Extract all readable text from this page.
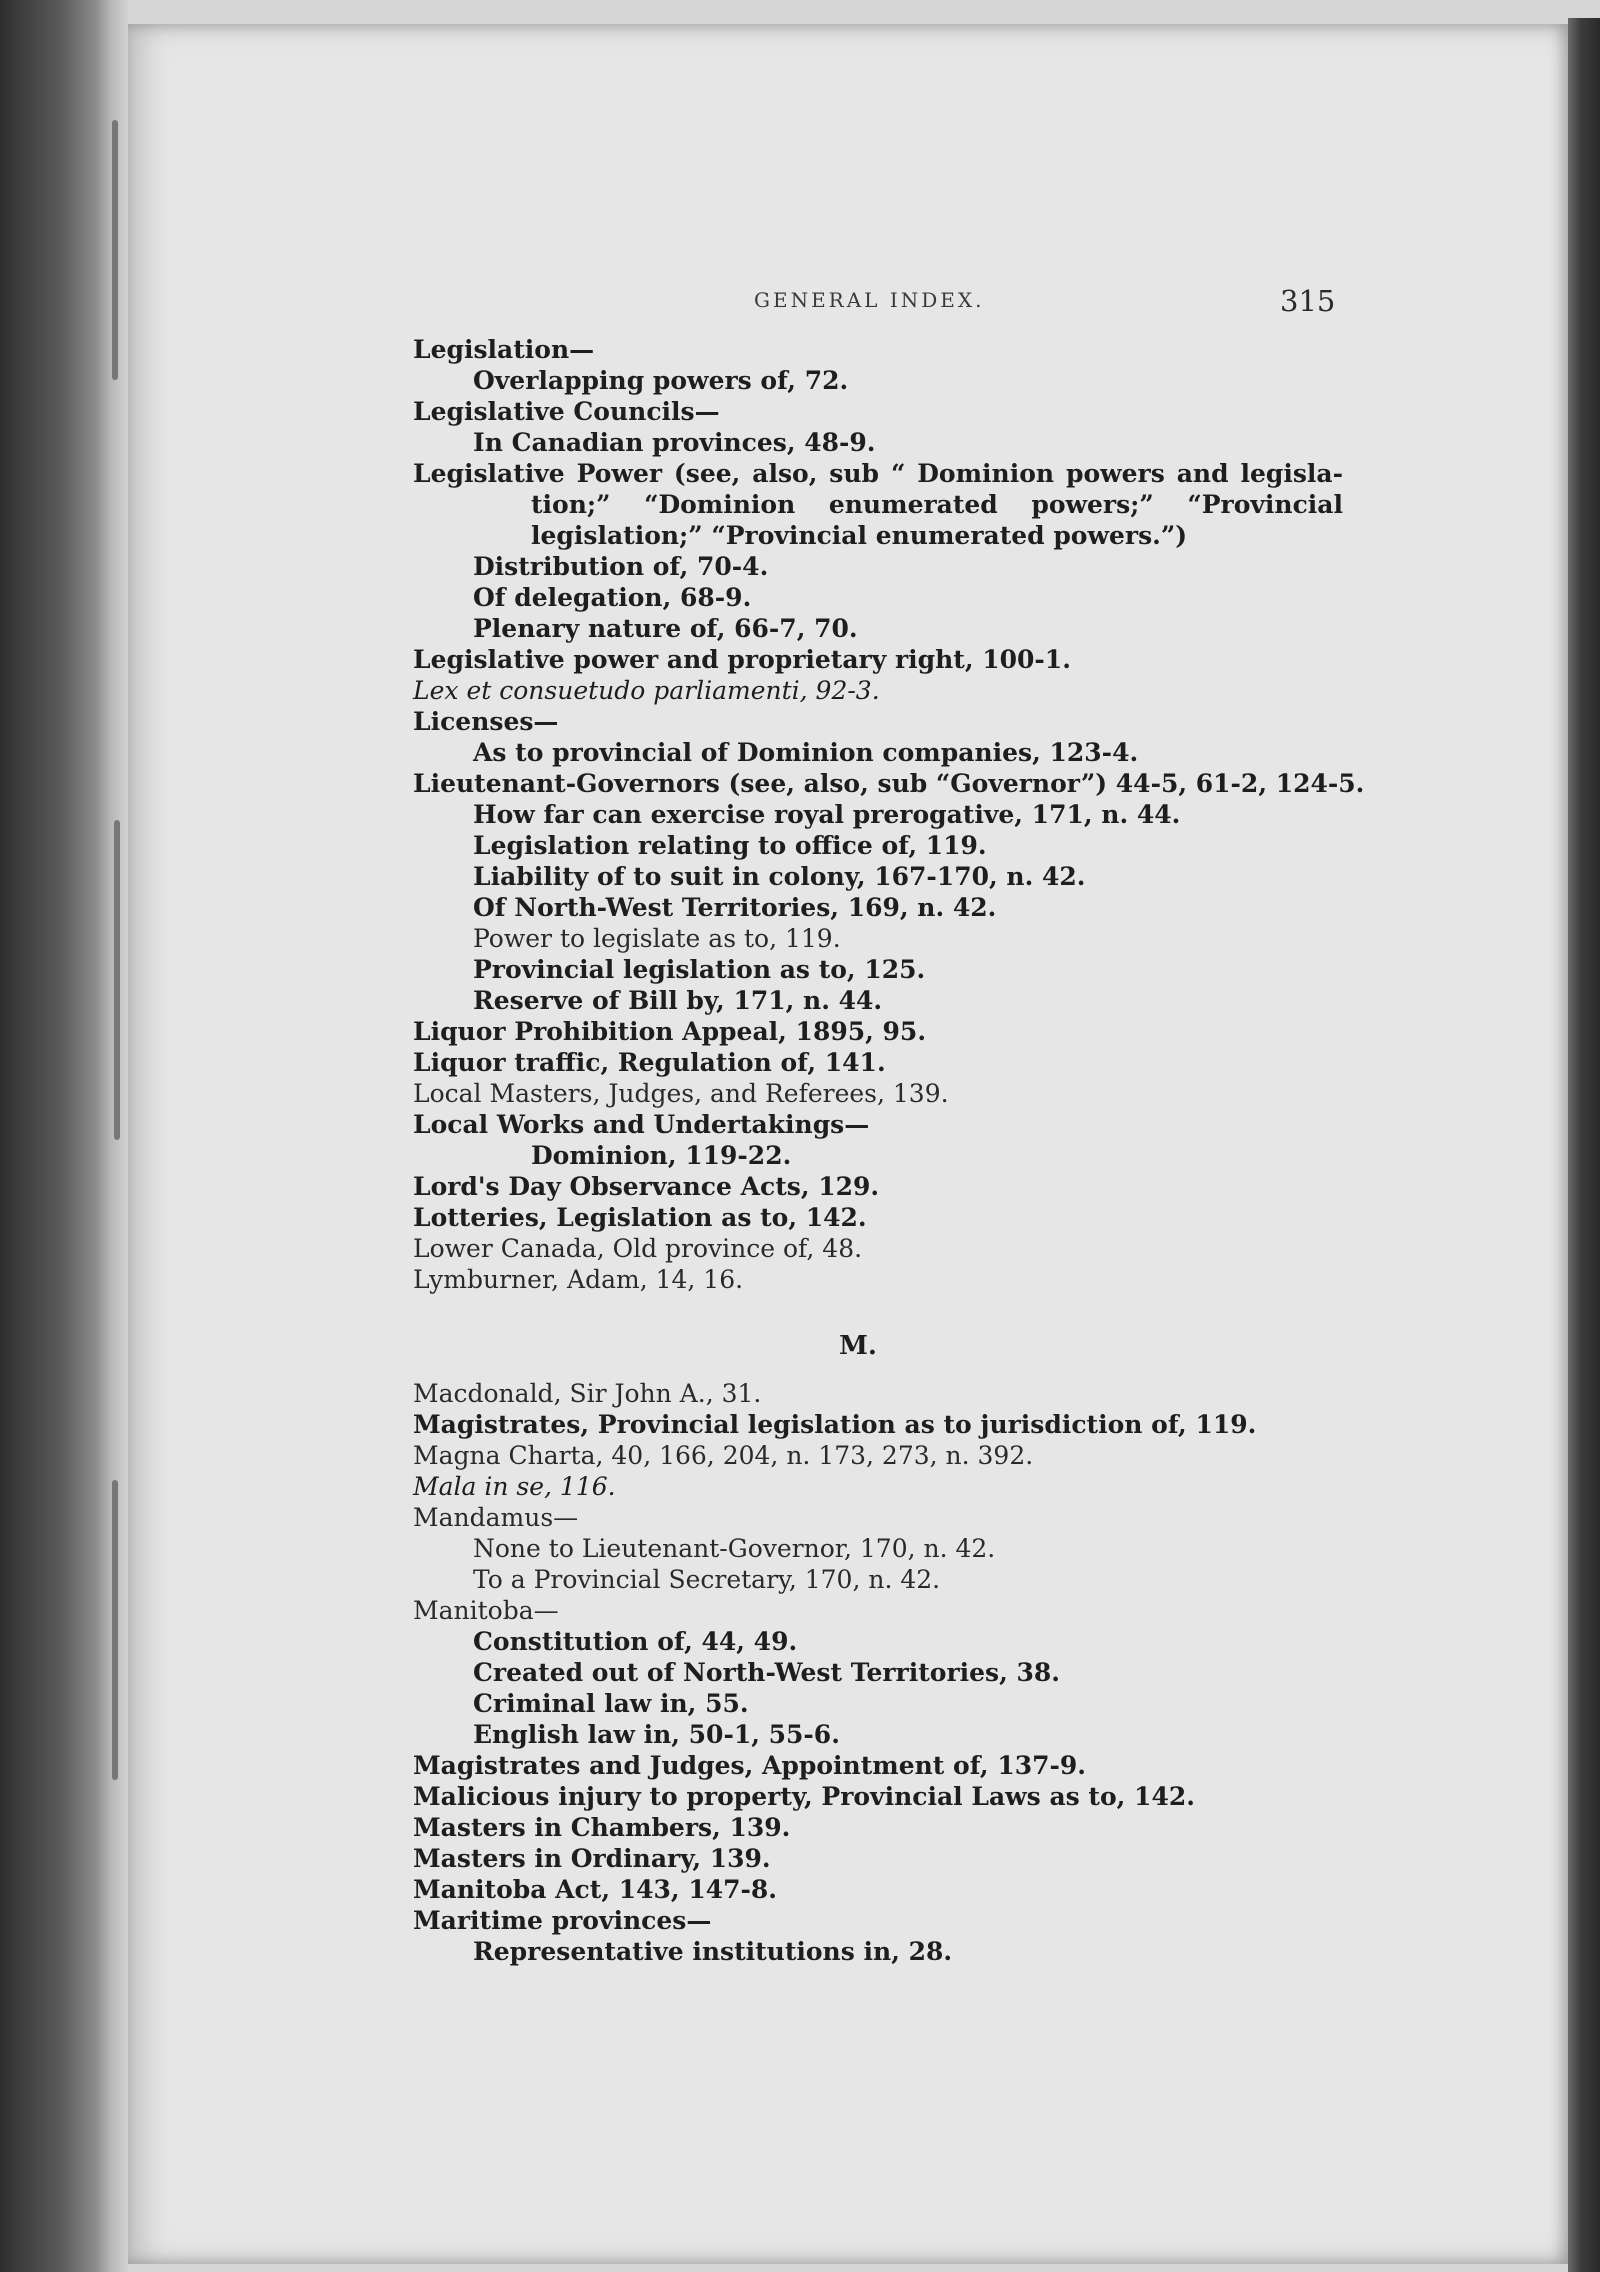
GENERAL INDEX.	315
Legislation—
Overlapping powers of, 72.
Legislative Councils—
In Canadian provinces, 48-9.
Legislative Power (see, also, sub “ Dominion powers and legisla-
tion;” “Dominion enumerated powers;” “Provincial
legislation;” “Provincial enumerated powers.”)
Distribution of, 70-4.
Of delegation, 68-9.
Plenary nature of, 66-7, 70.
Legislative power and proprietary right, 100-1.
Lex et consuetudo parliamenti, 92-3.
Licenses—
As to provincial of Dominion companies, 123-4.
Lieutenant-Governors (see, also, sub “Governor”) 44-5, 61-2, 124-5.
How far can exercise royal prerogative, 171, n. 44.
Legislation relating to office of, 119.
Liability of to suit in colony, 167-170, n. 42.
Of North-West Territories, 169, n. 42.
Power to legislate as to, 119.
Provincial legislation as to, 125.
Reserve of Bill by, 171, n. 44.
Liquor Prohibition Appeal, 1895, 95.
Liquor traffic, Regulation of, 141.
Local Masters, Judges, and Referees, 139.
Local Works and Undertakings—
Dominion, 119-22.
Lord's Day Observance Acts, 129.
Lotteries, Legislation as to, 142.
Lower Canada, Old province of, 48.
Lymburner, Adam, 14, 16.
M.
Macdonald, Sir John A., 31.
Magistrates, Provincial legislation as to jurisdiction of, 119.
Magna Charta, 40, 166, 204, n. 173, 273, n. 392.
Mala in se, 116.
Mandamus—
None to Lieutenant-Governor, 170, n. 42.
To a Provincial Secretary, 170, n. 42.
Manitoba—
Constitution of, 44, 49.
Created out of North-West Territories, 38.
Criminal law in, 55.
English law in, 50-1, 55-6.
Magistrates and Judges, Appointment of, 137-9.
Malicious injury to property, Provincial Laws as to, 142.
Masters in Chambers, 139.
Masters in Ordinary, 139.
Manitoba Act, 143, 147-8.
Maritime provinces—
Representative institutions in, 28.
